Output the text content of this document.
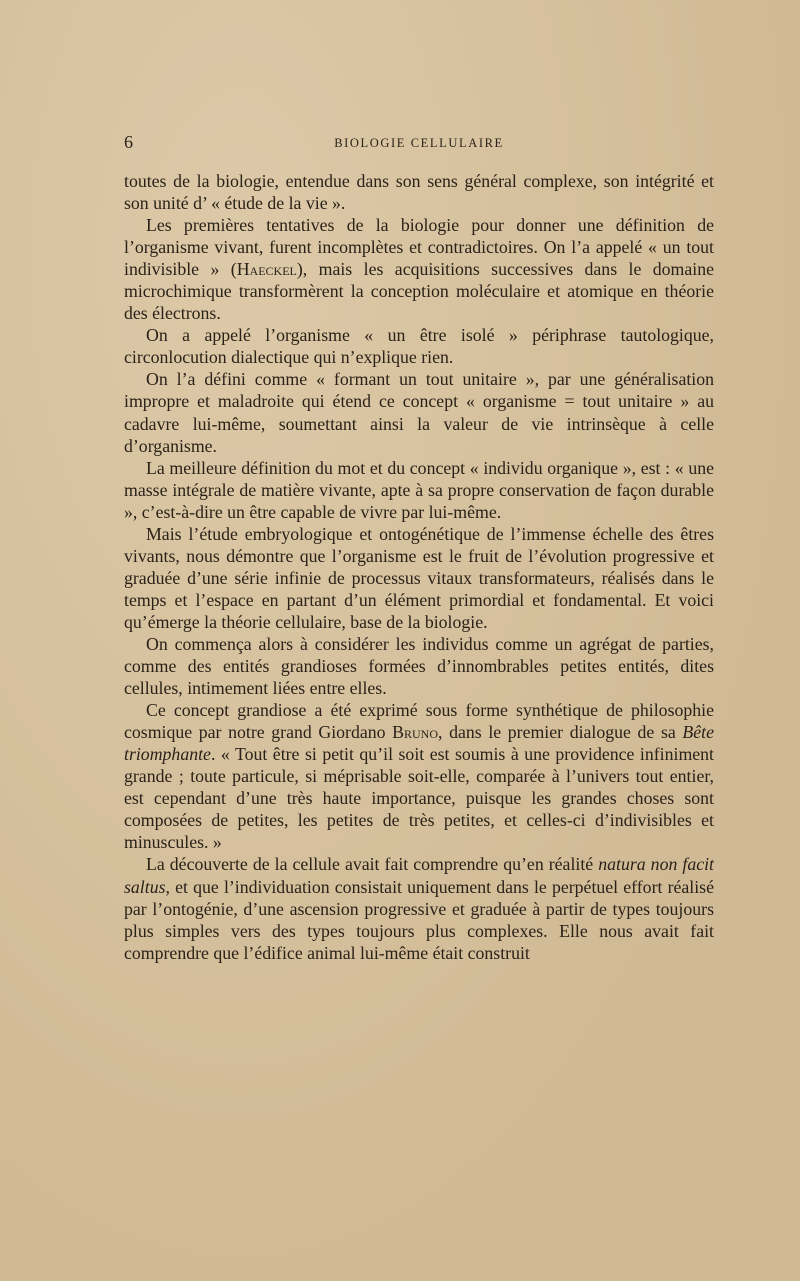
6	BIOLOGIE CELLULAIRE

toutes de la biologie, entendue dans son sens général complexe, son intégrité et son unité d’ « étude de la vie ».

Les premières tentatives de la biologie pour donner une définition de l’organisme vivant, furent incomplètes et contradictoires. On l’a appelé « un tout indivisible » (Haeckel), mais les acquisitions successives dans le domaine microchimique transformèrent la conception moléculaire et atomique en théorie des électrons.

On a appelé l’organisme « un être isolé » périphrase tautologique, circonlocution dialectique qui n’explique rien.

On l’a défini comme « formant un tout unitaire », par une généralisation impropre et maladroite qui étend ce concept « organisme = tout unitaire » au cadavre lui-même, soumettant ainsi la valeur de vie intrinsèque à celle d’organisme.

La meilleure définition du mot et du concept « individu organique », est : « une masse intégrale de matière vivante, apte à sa propre conservation de façon durable », c’est-à-dire un être capable de vivre par lui-même.

Mais l’étude embryologique et ontogénétique de l’immense échelle des êtres vivants, nous démontre que l’organisme est le fruit de l’évolution progressive et graduée d’une série infinie de processus vitaux transformateurs, réalisés dans le temps et l’espace en partant d’un élément primordial et fondamental. Et voici qu’émerge la théorie cellulaire, base de la biologie.

On commença alors à considérer les individus comme un agrégat de parties, comme des entités grandioses formées d’innombrables petites entités, dites cellules, intimement liées entre elles.

Ce concept grandiose a été exprimé sous forme synthétique de philosophie cosmique par notre grand Giordano Bruno, dans le premier dialogue de sa Bête triomphante. « Tout être si petit qu’il soit est soumis à une providence infiniment grande ; toute particule, si méprisable soit-elle, comparée à l’univers tout entier, est cependant d’une très haute importance, puisque les grandes choses sont composées de petites, les petites de très petites, et celles-ci d’indivisibles et minuscules. »

La découverte de la cellule avait fait comprendre qu’en réalité natura non facit saltus, et que l’individuation consistait uniquement dans le perpétuel effort réalisé par l’ontogénie, d’une ascension progressive et graduée à partir de types toujours plus simples vers des types toujours plus complexes. Elle nous avait fait comprendre que l’édifice animal lui-même était construit
